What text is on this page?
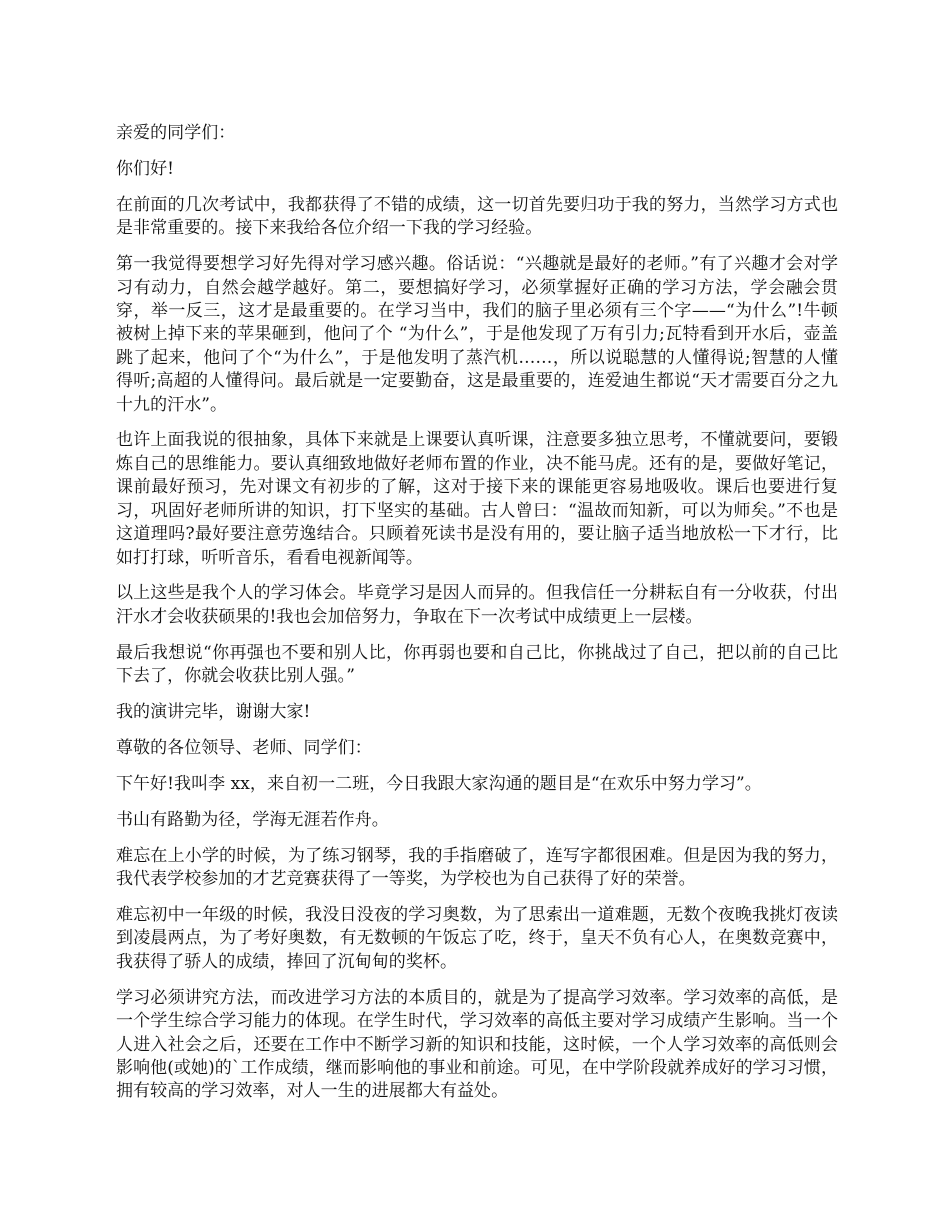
亲爱的同学们：

你们好!

在前面的几次考试中，我都获得了不错的成绩，这一切首先要归功于我的努力，当然学习方式也是非常重要的。接下来我给各位介绍一下我的学习经验。

第一我觉得要想学习好先得对学习感兴趣。俗话说：“兴趣就是最好的老师。”有了兴趣才会对学习有动力，自然会越学越好。第二，要想搞好学习，必须掌握好正确的学习方法，学会融会贯穿，举一反三，这才是最重要的。在学习当中，我们的脑子里必须有三个字——“为什么”!牛顿被树上掉下来的苹果砸到，他问了个 “为什么”，于是他发现了万有引力;瓦特看到开水后，壶盖跳了起来，他问了个“为什么”，于是他发明了蒸汽机……，所以说聪慧的人懂得说;智慧的人懂得听;高超的人懂得问。最后就是一定要勤奋，这是最重要的，连爱迪生都说“天才需要百分之九十九的汗水”。

也许上面我说的很抽象，具体下来就是上课要认真听课，注意要多独立思考，不懂就要问，要锻炼自己的思维能力。要认真细致地做好老师布置的作业，决不能马虎。还有的是，要做好笔记，课前最好预习，先对课文有初步的了解，这对于接下来的课能更容易地吸收。课后也要进行复习，巩固好老师所讲的知识，打下坚实的基础。古人曾曰：“温故而知新，可以为师矣。”不也是这道理吗?最好要注意劳逸结合。只顾着死读书是没有用的，要让脑子适当地放松一下才行，比如打打球，听听音乐，看看电视新闻等。

以上这些是我个人的学习体会。毕竟学习是因人而异的。但我信任一分耕耘自有一分收获，付出汗水才会收获硕果的!我也会加倍努力，争取在下一次考试中成绩更上一层楼。

最后我想说“你再强也不要和别人比，你再弱也要和自己比，你挑战过了自己，把以前的自己比下去了，你就会收获比别人强。”

我的演讲完毕，谢谢大家!

尊敬的各位领导、老师、同学们：

下午好!我叫李 xx，来自初一二班，今日我跟大家沟通的题目是“在欢乐中努力学习”。

书山有路勤为径，学海无涯若作舟。

难忘在上小学的时候，为了练习钢琴，我的手指磨破了，连写字都很困难。但是因为我的努力，我代表学校参加的才艺竞赛获得了一等奖，为学校也为自己获得了好的荣誉。

难忘初中一年级的时候，我没日没夜的学习奥数，为了思索出一道难题，无数个夜晚我挑灯夜读到凌晨两点，为了考好奥数，有无数顿的午饭忘了吃，终于，皇天不负有心人，在奥数竞赛中，我获得了骄人的成绩，捧回了沉甸甸的奖杯。

学习必须讲究方法，而改进学习方法的本质目的，就是为了提高学习效率。学习效率的高低，是一个学生综合学习能力的体现。在学生时代，学习效率的高低主要对学习成绩产生影响。当一个人进入社会之后，还要在工作中不断学习新的知识和技能，这时候，一个人学习效率的高低则会影响他(或她)的`工作成绩，继而影响他的事业和前途。可见，在中学阶段就养成好的学习习惯，拥有较高的学习效率，对人一生的进展都大有益处。
